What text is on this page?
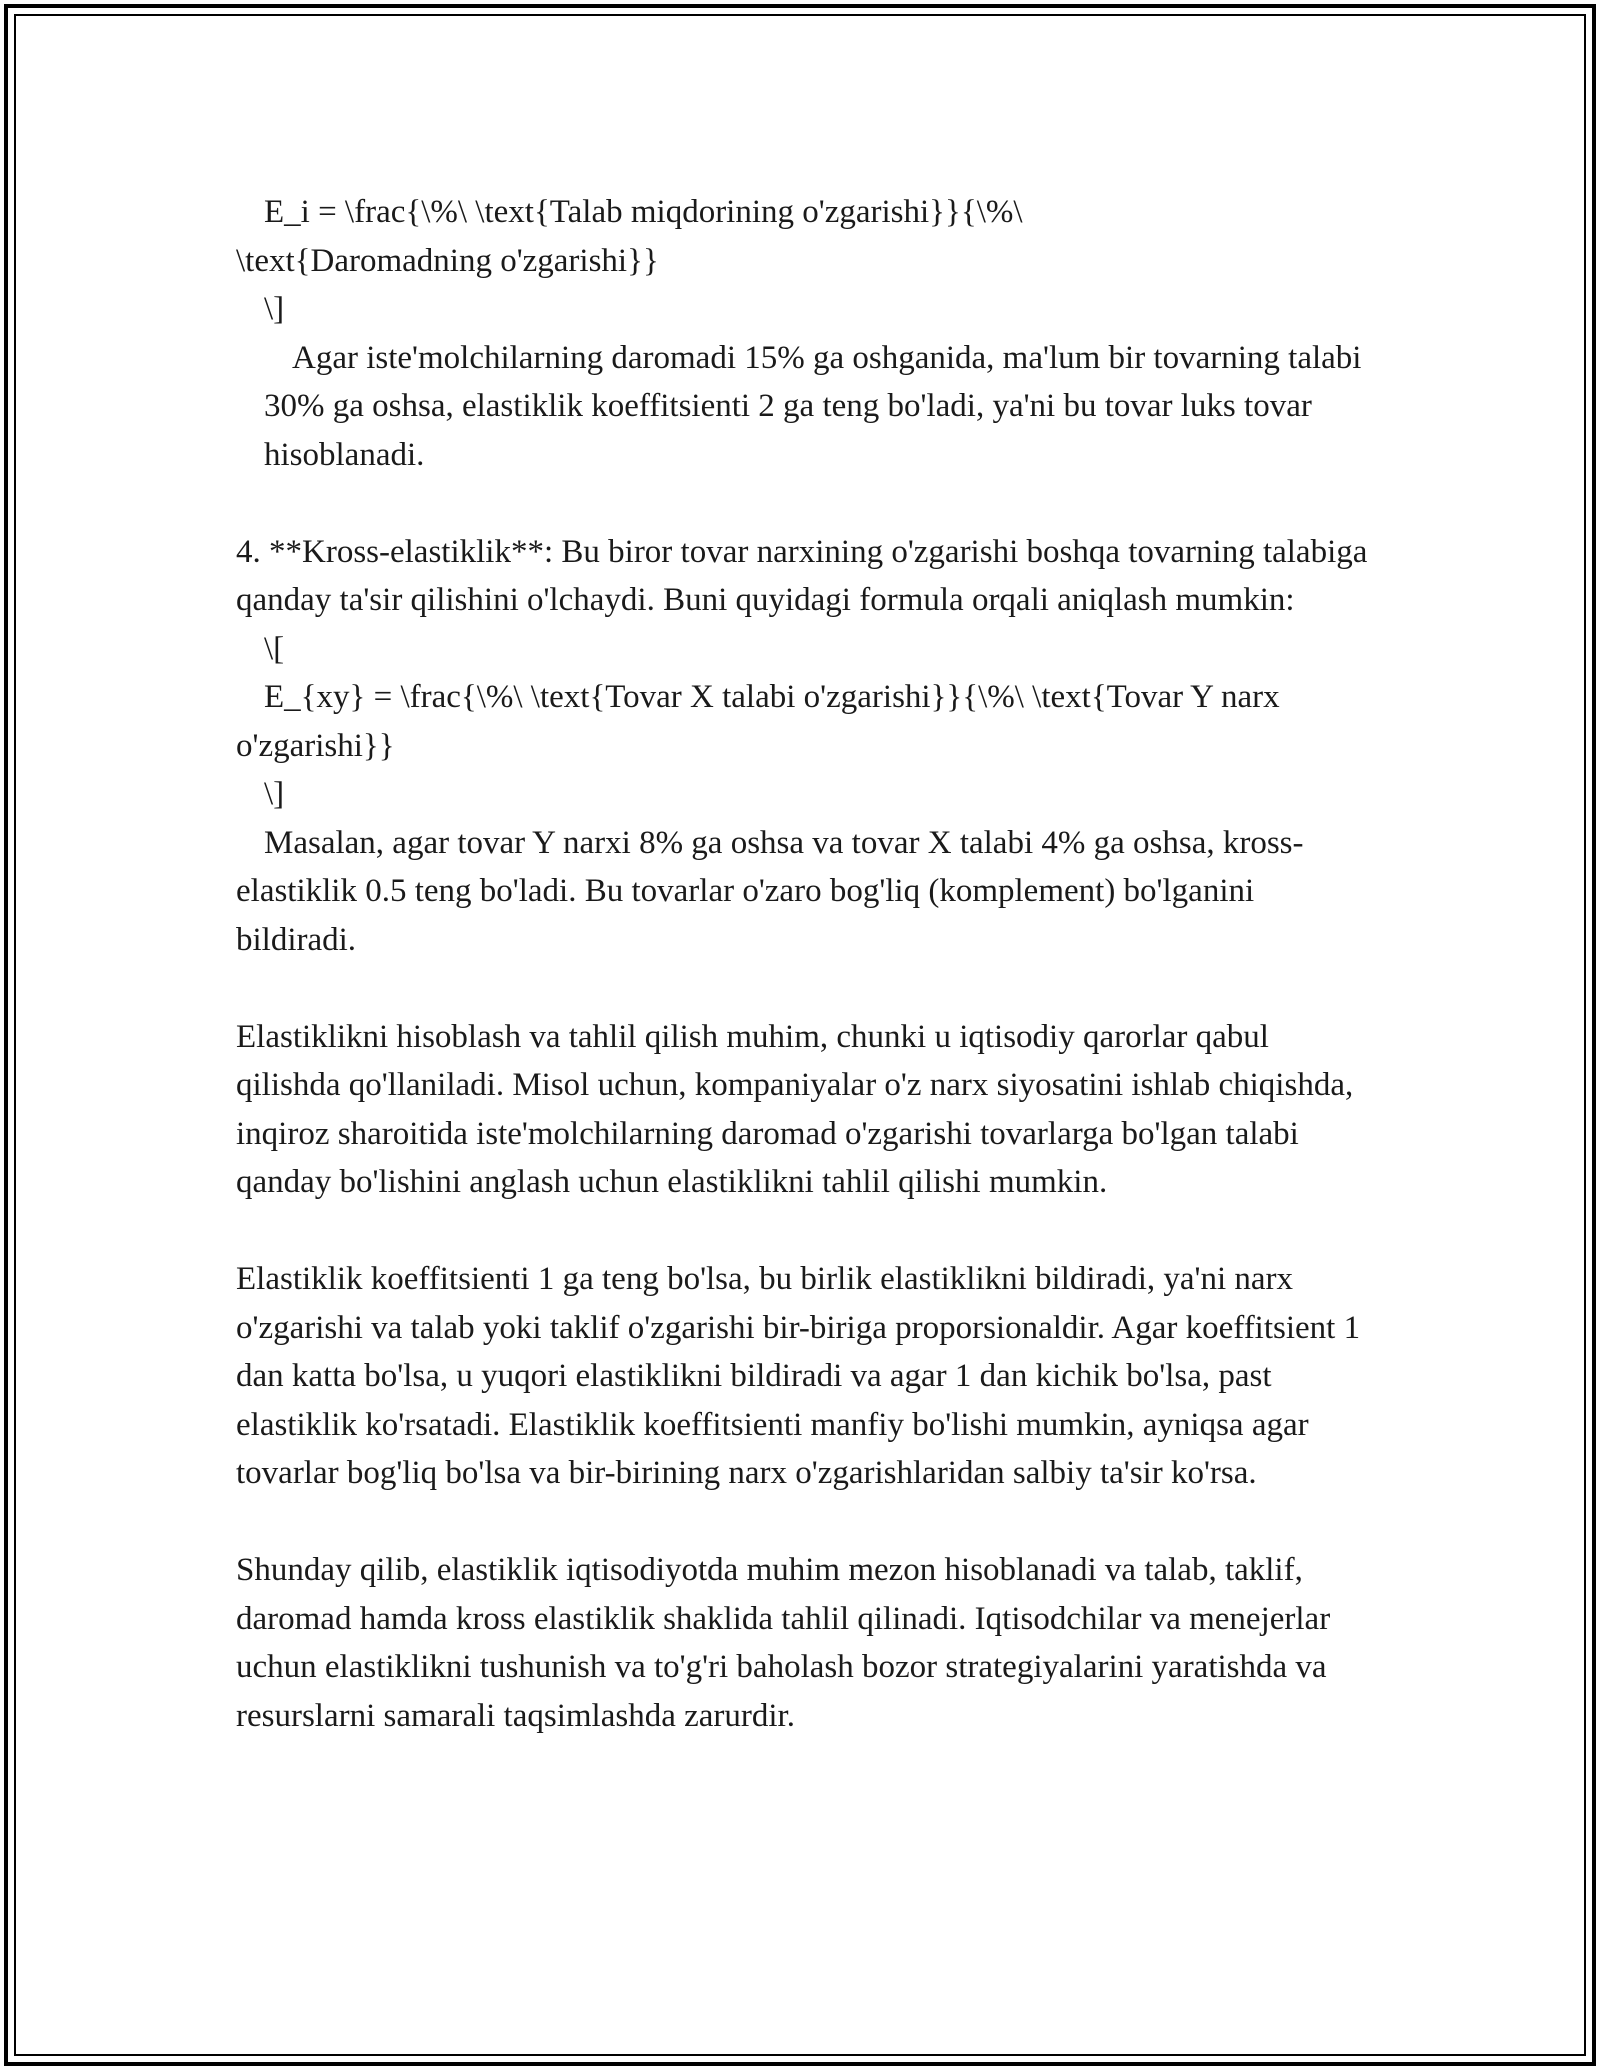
E_i = \frac{\%\ \text{Talab miqdorining o'zgarishi}}{\%\

\text{Daromadning o'zgarishi}}

\]

Agar iste'molchilarning daromadi 15% ga oshganida, ma'lum bir tovarning talabi 30% ga oshsa, elastiklik koeffitsienti 2 ga teng bo'ladi, ya'ni bu tovar luks tovar hisoblanadi.

4. **Kross-elastiklik**: Bu biror tovar narxining o'zgarishi boshqa tovarning talabiga qanday ta'sir qilishini o'lchaydi. Buni quyidagi formula orqali aniqlash mumkin:

\[

E_{xy} = \frac{\%\ \text{Tovar X talabi o'zgarishi}}{\%\ \text{Tovar Y narx o'zgarishi}}

\]

Masalan, agar tovar Y narxi 8% ga oshsa va tovar X talabi 4% ga oshsa, kross-elastiklik 0.5 teng bo'ladi. Bu tovarlar o'zaro bog'liq (komplement) bo'lganini bildiradi.

Elastiklikni hisoblash va tahlil qilish muhim, chunki u iqtisodiy qarorlar qabul qilishda qo'llaniladi. Misol uchun, kompaniyalar o'z narx siyosatini ishlab chiqishda, inqiroz sharoitida iste'molchilarning daromad o'zgarishi tovarlarga bo'lgan talabi qanday bo'lishini anglash uchun elastiklikni tahlil qilishi mumkin.

Elastiklik koeffitsienti 1 ga teng bo'lsa, bu birlik elastiklikni bildiradi, ya'ni narx o'zgarishi va talab yoki taklif o'zgarishi bir-biriga proporsionaldir. Agar koeffitsient 1 dan katta bo'lsa, u yuqori elastiklikni bildiradi va agar 1 dan kichik bo'lsa, past elastiklik ko'rsatadi. Elastiklik koeffitsienti manfiy bo'lishi mumkin, ayniqsa agar tovarlar bog'liq bo'lsa va bir-birining narx o'zgarishlaridan salbiy ta'sir ko'rsa.

Shunday qilib, elastiklik iqtisodiyotda muhim mezon hisoblanadi va talab, taklif, daromad hamda kross elastiklik shaklida tahlil qilinadi. Iqtisodchilar va menejerlar uchun elastiklikni tushunish va to'g'ri baholash bozor strategiyalarini yaratishda va resurslarni samarali taqsimlashda zarurdir.
